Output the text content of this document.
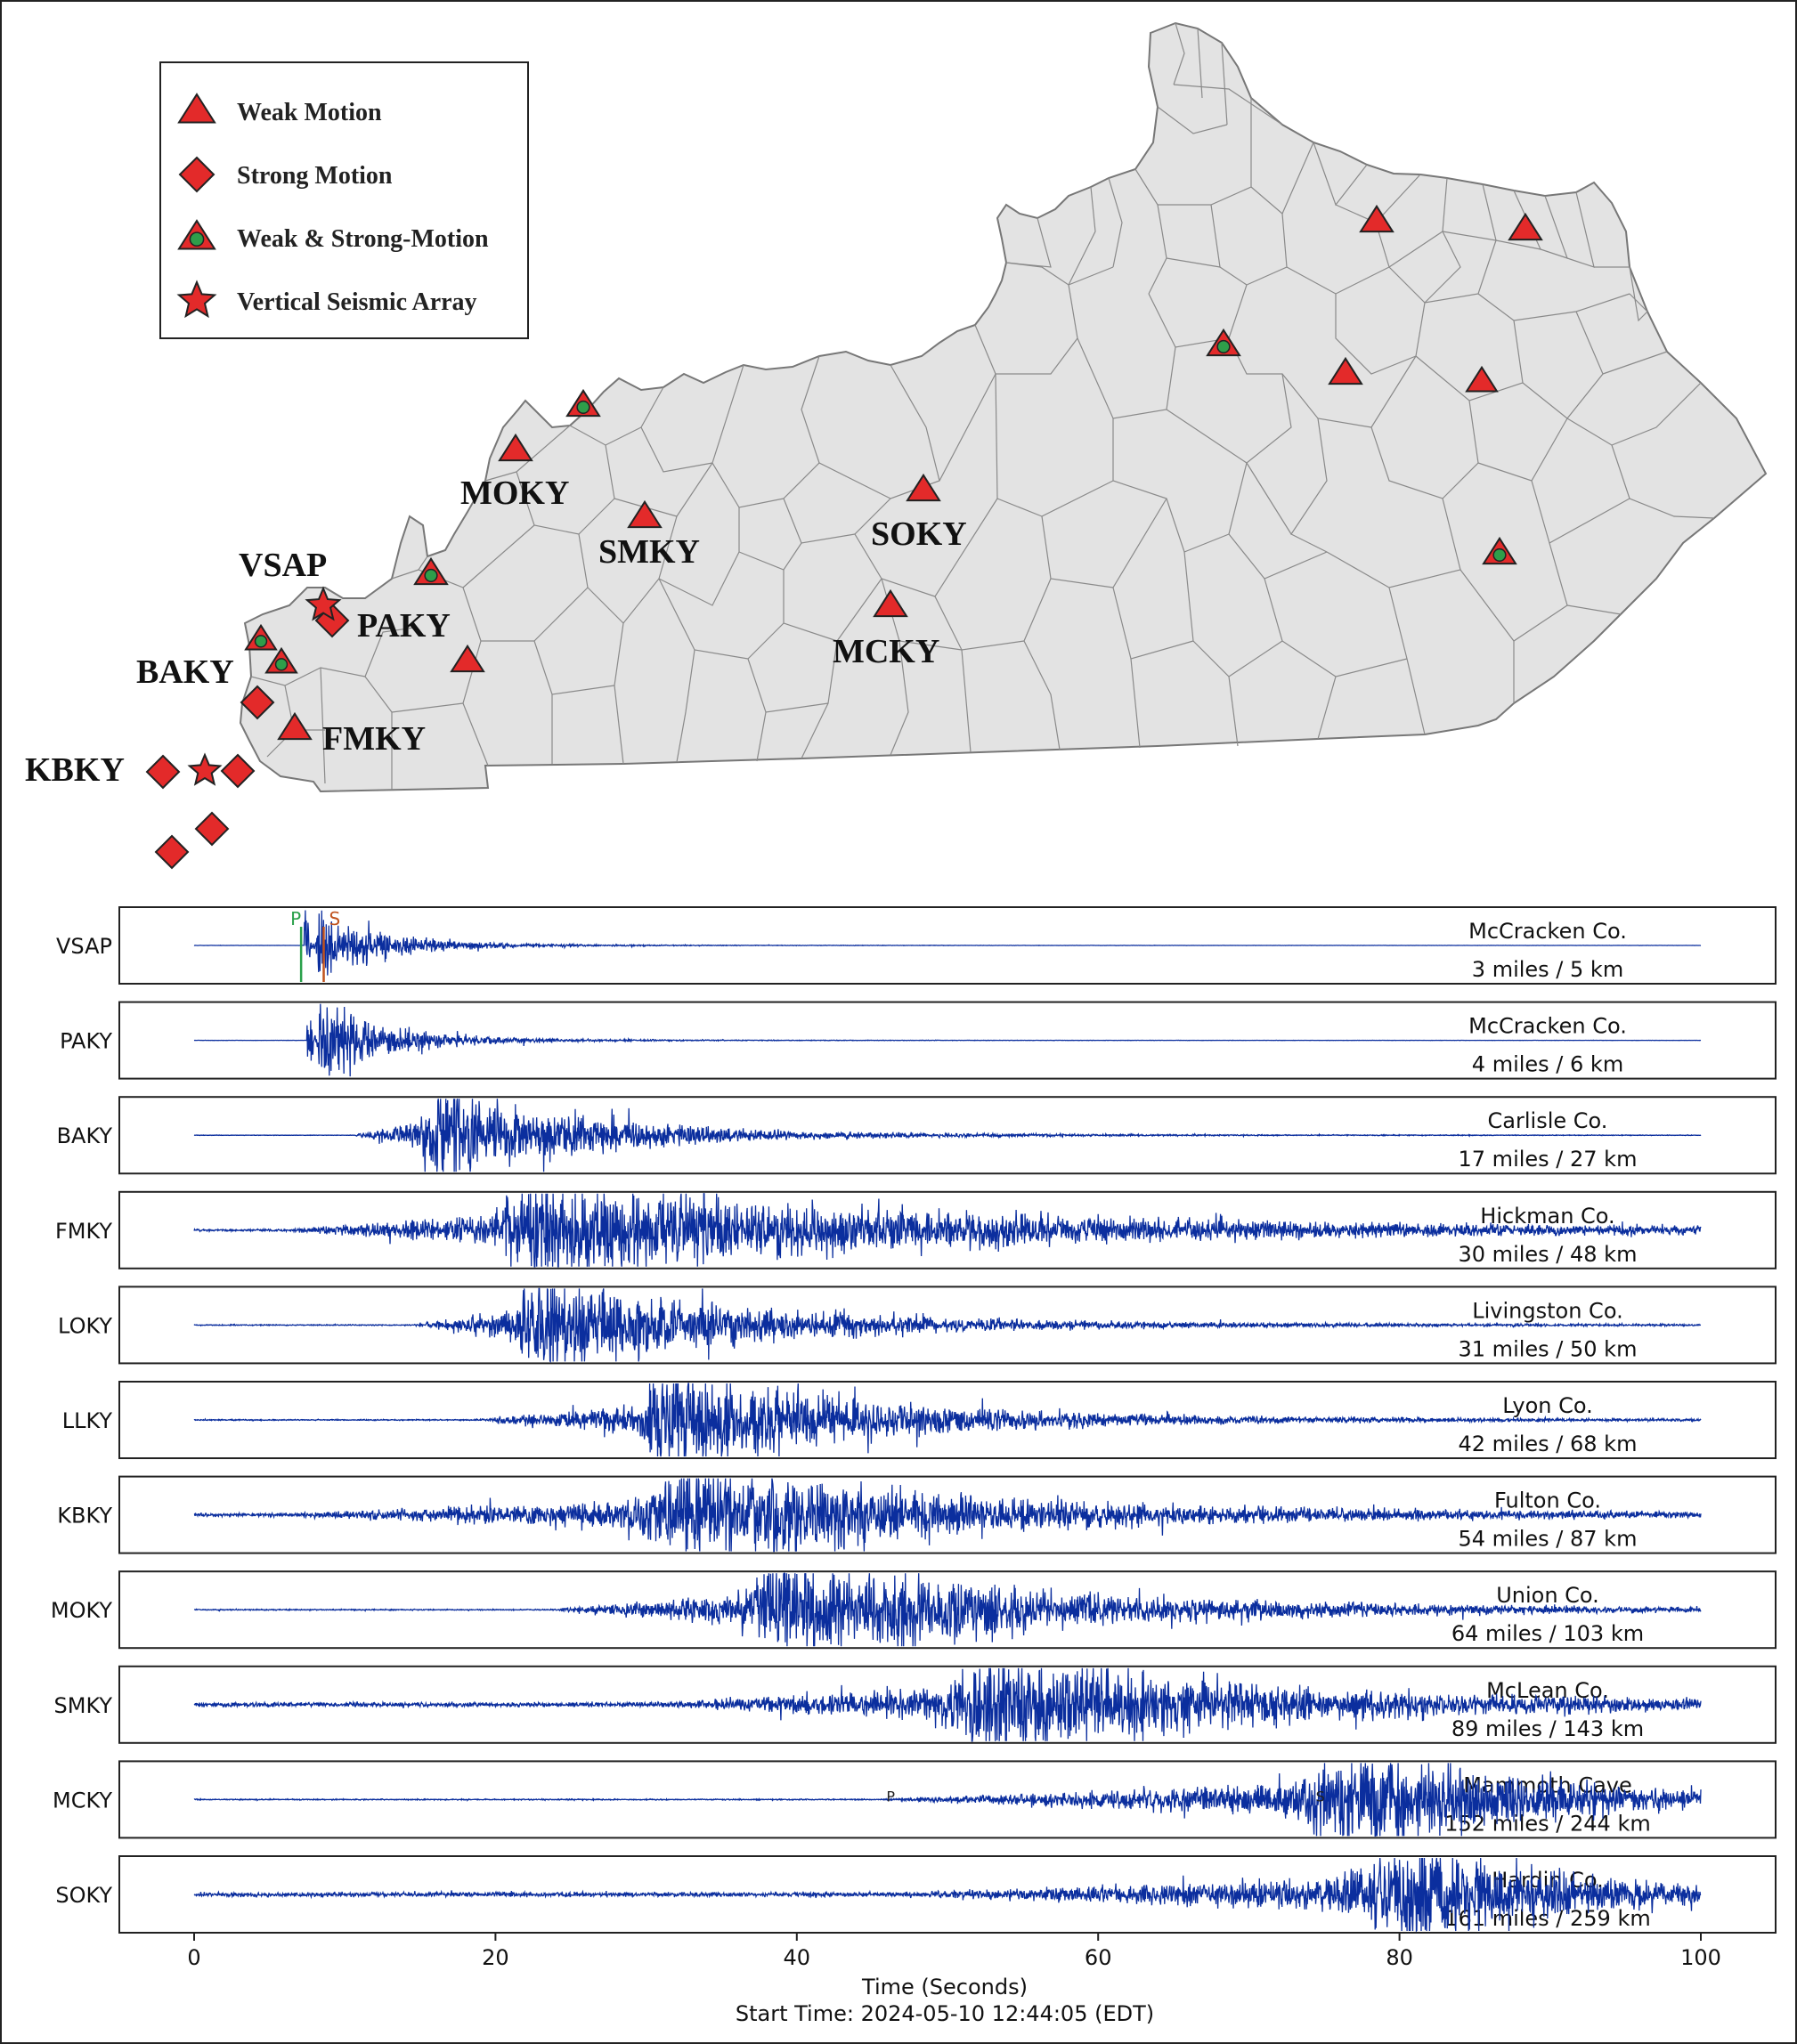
MOKY
SMKY	SOKY
VSAP
PAKY
BAKY
FMKY
KBKY
MCKY
Weak Motion
Strong Motion
Weak & Strong-Motion
Vertical Seismic Array
VSAP
McCracken Co.
3 miles / 5 km
P S
PAKY
McCracken Co.
4 miles / 6 km
BAKY
Carlisle Co.
17 miles / 27 km
FMKY
Hickman Co.
30 miles / 48 km
LOKY
Livingston Co.
31 miles / 50 km
LLKY
Lyon Co.
42 miles / 68 km
KBKY
Fulton Co.
54 miles / 87 km
MOKY
Union Co.
64 miles / 103 km
SMKY
McLean Co.
89 miles / 143 km
MCKY
Mammoth Cave
152 miles / 244 km
P	S
SOKY
Hardin Co.
161 miles / 259 km
0	20	40	60	80	100
Time (Seconds)
Start Time: 2024-05-10 12:44:05 (EDT)
